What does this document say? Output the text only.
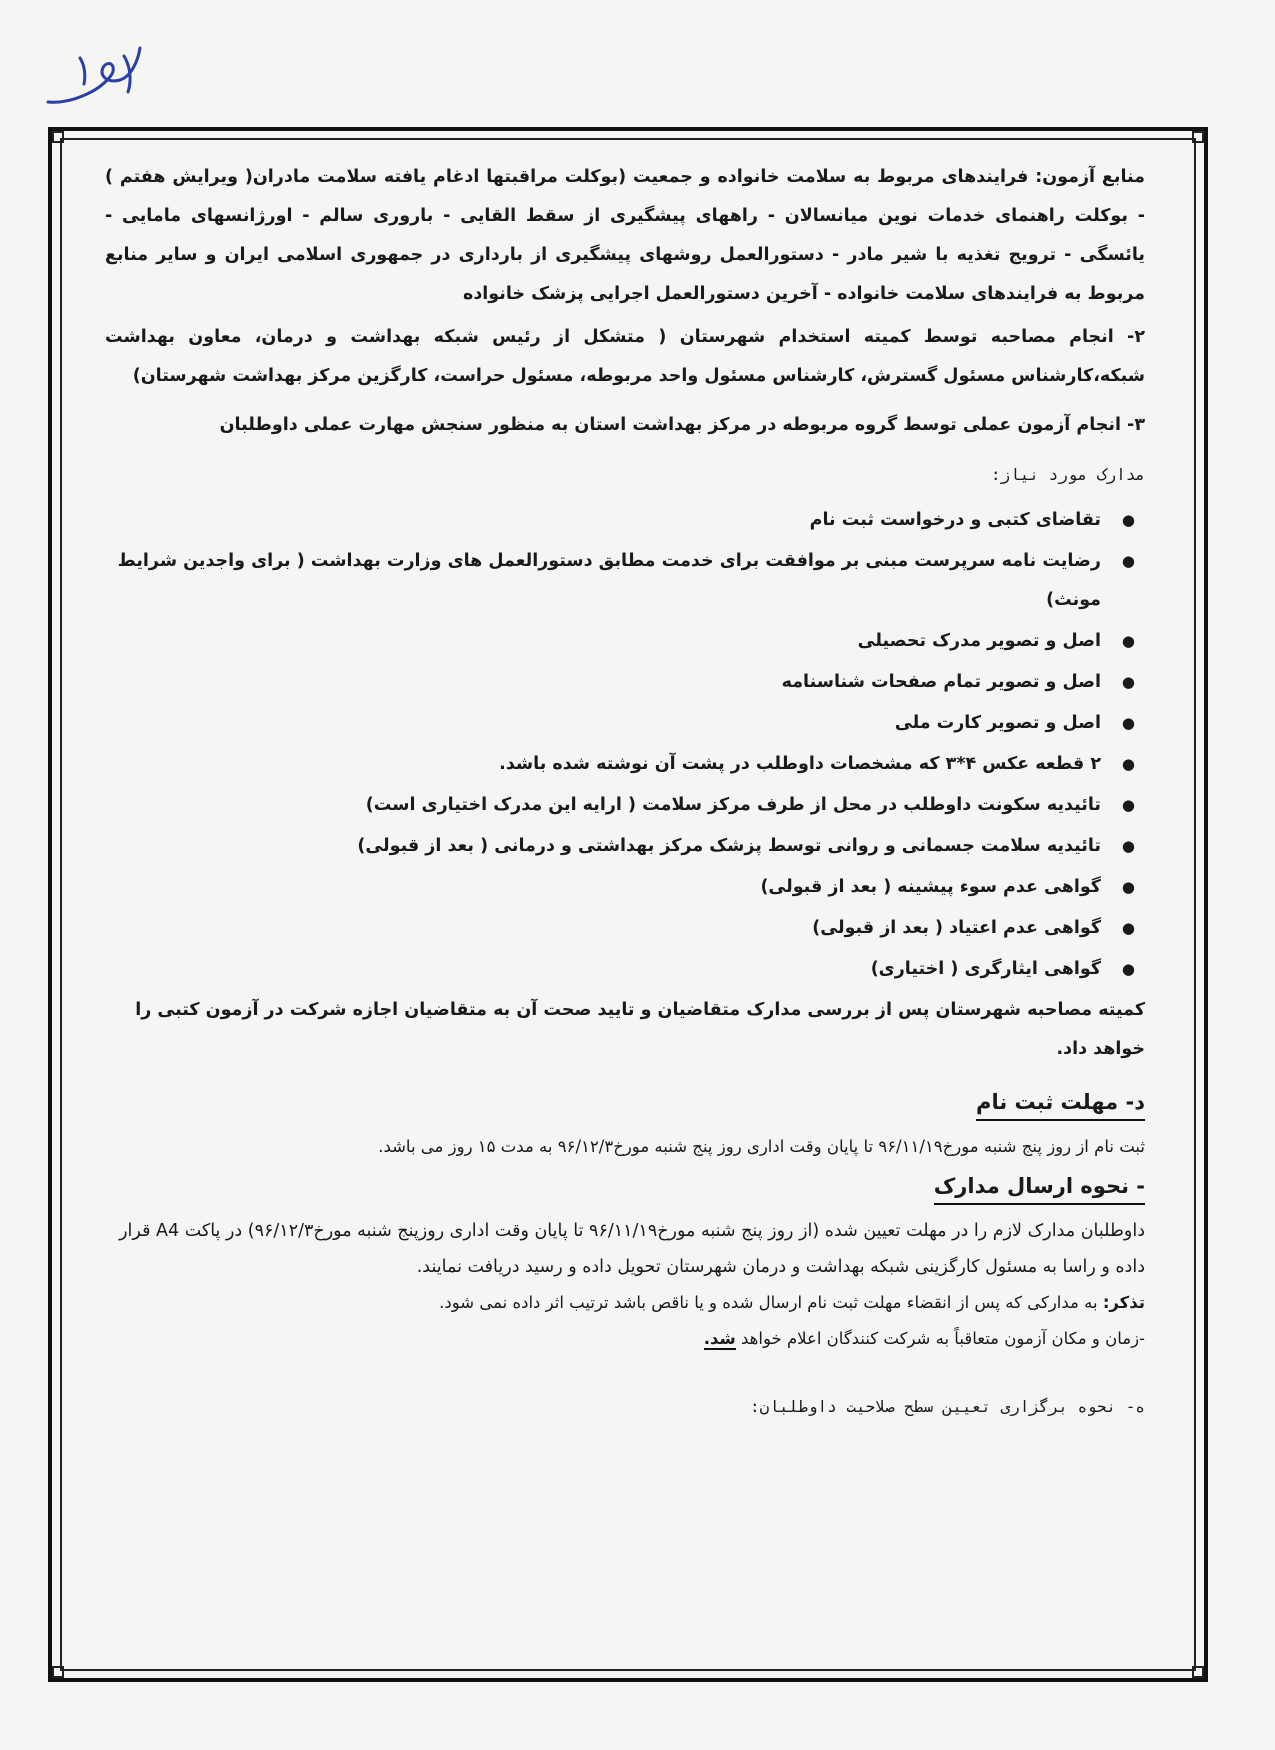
منابع آزمون: فرایندهای مربوط به سلامت خانواده و جمعیت (بوکلت مراقبتها ادغام یافته سلامت مادران( ویرایش هفتم ) - بوکلت راهنمای خدمات نوین میانسالان - راههای پیشگیری از سقط القایی - باروری سالم - اورژانسهای مامایی - یائسگی - ترویج تغذیه با شیر مادر - دستورالعمل روشهای پیشگیری از بارداری در جمهوری اسلامی ایران و سایر منابع مربوط به فرایندهای سلامت خانواده - آخرین دستورالعمل اجرایی پزشک خانواده

۲- انجام مصاحبه توسط کمیته استخدام شهرستان ( متشکل از رئیس شبکه بهداشت و درمان، معاون بهداشت شبکه،کارشناس مسئول گسترش، کارشناس مسئول واحد مربوطه، مسئول حراست، کارگزین مرکز بهداشت شهرستان)

۳- انجام آزمون عملی توسط گروه مربوطه در مرکز بهداشت استان به منظور سنجش مهارت عملی داوطلبان

مدارک مورد نیاز:

●
تقاضای کتبی و درخواست ثبت نام
●
رضایت نامه سرپرست مبنی بر موافقت برای خدمت مطابق دستورالعمل های وزارت بهداشت ( برای واجدین شرایط مونث)
●
اصل و تصویر مدرک تحصیلی
●
اصل و تصویر تمام صفحات شناسنامه
●
اصل و تصویر کارت ملی
●
۲ قطعه عکس ۴*۳ که مشخصات داوطلب در پشت آن نوشته شده باشد.
●
تائیدیه سکونت داوطلب در محل از طرف مرکز سلامت ( ارایه این مدرک اختیاری است)
●
تائیدیه سلامت جسمانی و روانی توسط پزشک مرکز بهداشتی و درمانی ( بعد از قبولی)
●
گواهی عدم سوء پیشینه ( بعد از قبولی)
●
گواهی عدم اعتیاد ( بعد از قبولی)
●
گواهی ایثارگری ( اختیاری)

کمیته مصاحبه شهرستان پس از بررسی مدارک متقاضیان و تایید صحت آن به متقاضیان اجازه شرکت در آزمون کتبی را خواهد داد.

د- مهلت ثبت نام

ثبت نام از روز پنج شنبه مورخ۹۶/۱۱/۱۹ تا پایان وقت اداری روز پنج شنبه مورخ۹۶/۱۲/۳ به مدت ۱۵ روز می باشد.

- نحوه ارسال مدارک

داوطلبان مدارک لازم را در مهلت تعیین شده (از روز پنج شنبه مورخ۹۶/۱۱/۱۹ تا پایان وقت اداری روزپنج شنبه مورخ۹۶/۱۲/۳) در پاکت A4 قرار داده و راسا به مسئول کارگزینی شبکه بهداشت و درمان شهرستان تحویل داده و رسید دریافت نمایند.

تذکر: به مدارکی که پس از انقضاء مهلت ثبت نام ارسال شده و یا ناقص باشد ترتیب اثر داده نمی شود.

-زمان و مکان آزمون متعاقباً به شرکت کنندگان اعلام خواهد شد.

ه- نحوه برگزاری تعیین سطح صلاحیت داوطلبان:
